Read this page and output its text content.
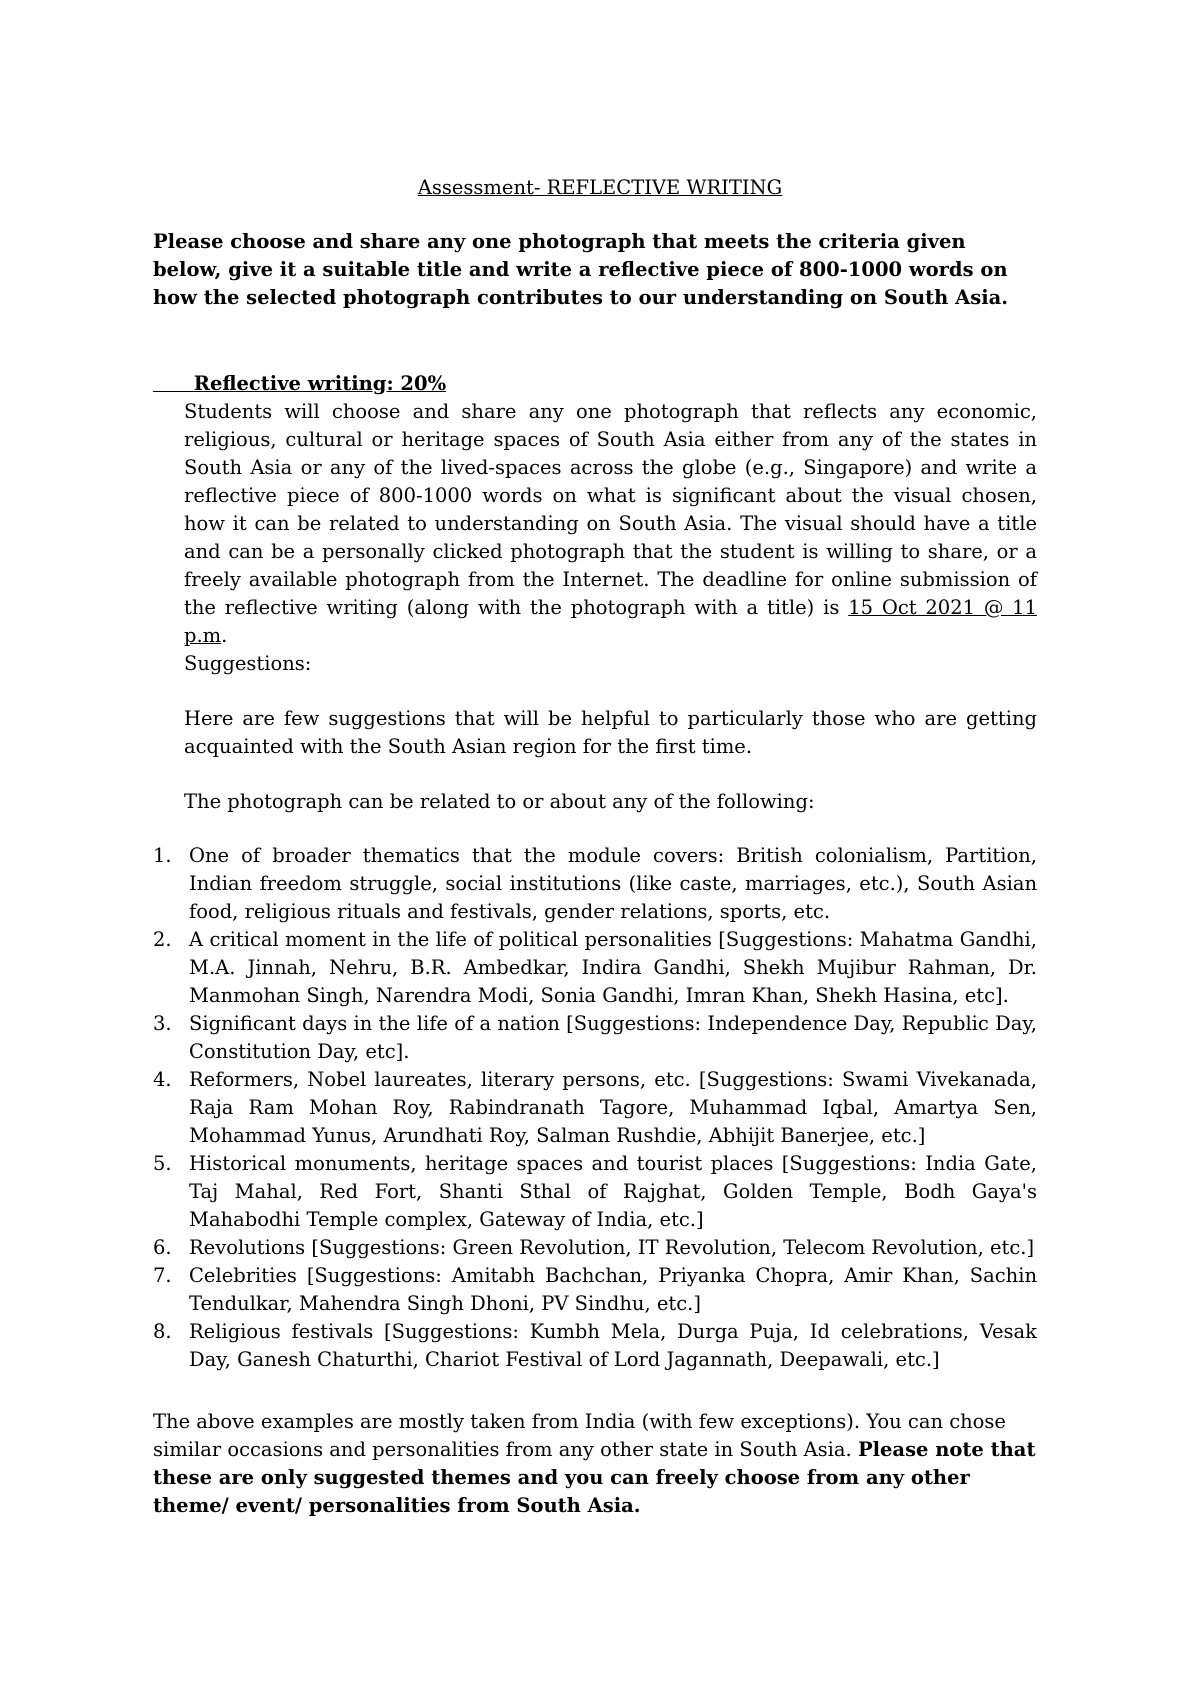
Assessment- REFLECTIVE WRITING
Please choose and share any one photograph that meets the criteria given below, give it a suitable title and write a reflective piece of 800-1000 words on how the selected photograph contributes to our understanding on South Asia.
Reflective writing: 20%
Students will choose and share any one photograph that reflects any economic, religious, cultural or heritage spaces of South Asia either from any of the states in South Asia or any of the lived-spaces across the globe (e.g., Singapore) and write a reflective piece of 800-1000 words on what is significant about the visual chosen, how it can be related to understanding on South Asia. The visual should have a title and can be a personally clicked photograph that the student is willing to share, or a freely available photograph from the Internet. The deadline for online submission of the reflective writing (along with the photograph with a title) is 15 Oct 2021 @ 11 p.m.
Suggestions:
Here are few suggestions that will be helpful to particularly those who are getting acquainted with the South Asian region for the first time.
The photograph can be related to or about any of the following:
1. One of broader thematics that the module covers: British colonialism, Partition, Indian freedom struggle, social institutions (like caste, marriages, etc.), South Asian food, religious rituals and festivals, gender relations, sports, etc.
2. A critical moment in the life of political personalities [Suggestions: Mahatma Gandhi, M.A. Jinnah, Nehru, B.R. Ambedkar, Indira Gandhi, Shekh Mujibur Rahman, Dr. Manmohan Singh, Narendra Modi, Sonia Gandhi, Imran Khan, Shekh Hasina, etc].
3. Significant days in the life of a nation [Suggestions: Independence Day, Republic Day, Constitution Day, etc].
4. Reformers, Nobel laureates, literary persons, etc. [Suggestions: Swami Vivekanada, Raja Ram Mohan Roy, Rabindranath Tagore, Muhammad Iqbal, Amartya Sen, Mohammad Yunus, Arundhati Roy, Salman Rushdie, Abhijit Banerjee, etc.]
5. Historical monuments, heritage spaces and tourist places [Suggestions: India Gate, Taj Mahal, Red Fort, Shanti Sthal of Rajghat, Golden Temple, Bodh Gaya's Mahabodhi Temple complex, Gateway of India, etc.]
6. Revolutions [Suggestions: Green Revolution, IT Revolution, Telecom Revolution, etc.]
7. Celebrities [Suggestions: Amitabh Bachchan, Priyanka Chopra, Amir Khan, Sachin Tendulkar, Mahendra Singh Dhoni, PV Sindhu, etc.]
8. Religious festivals [Suggestions: Kumbh Mela, Durga Puja, Id celebrations, Vesak Day, Ganesh Chaturthi, Chariot Festival of Lord Jagannath, Deepawali, etc.]
The above examples are mostly taken from India (with few exceptions). You can chose similar occasions and personalities from any other state in South Asia. Please note that these are only suggested themes and you can freely choose from any other theme/ event/ personalities from South Asia.
